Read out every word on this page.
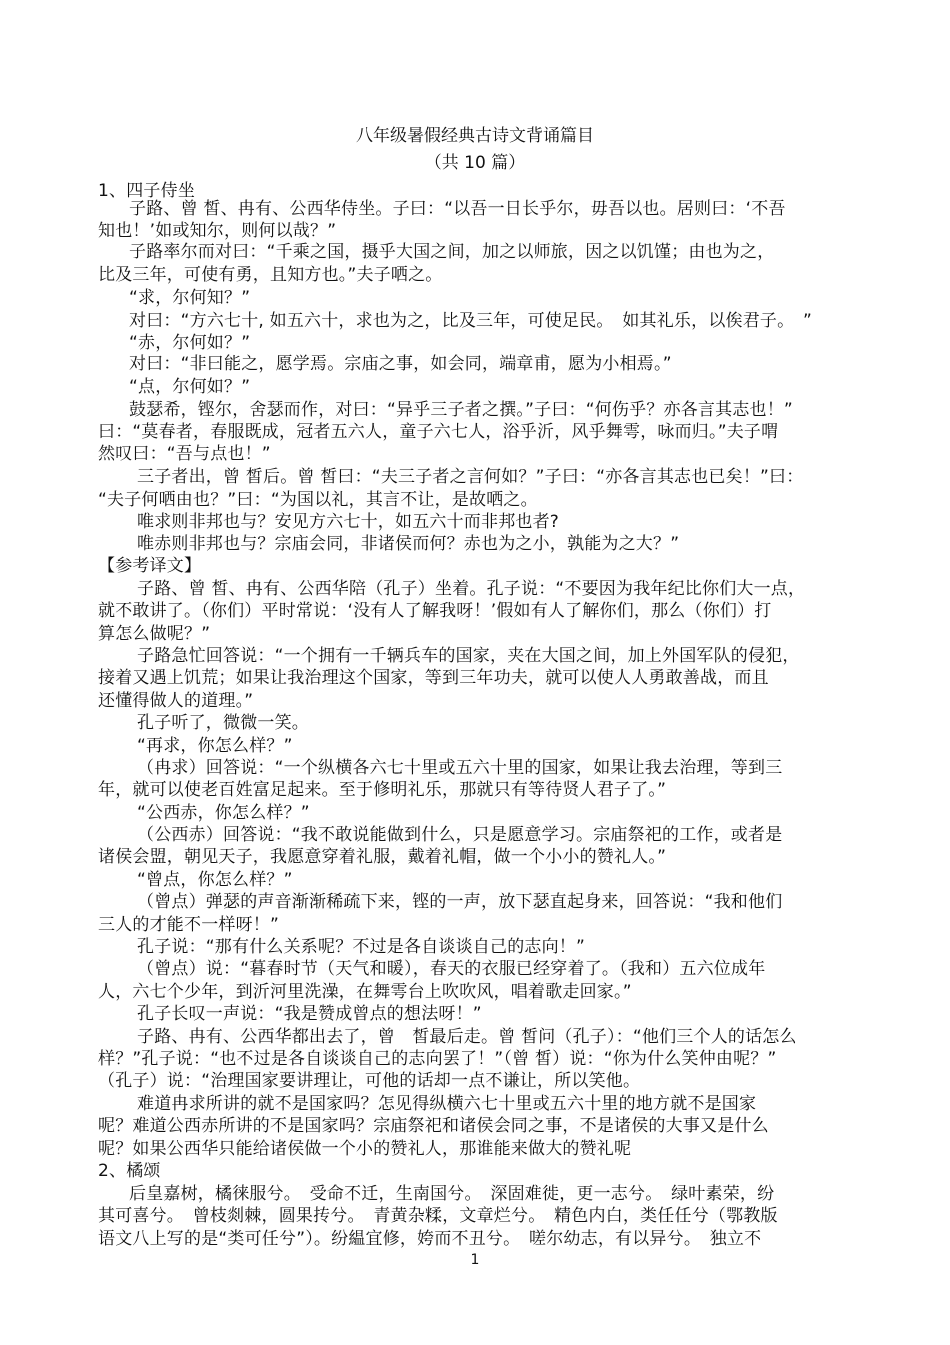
八年级暑假经典古诗文背诵篇目
（共 10 篇）
1、四子侍坐
子路、曾 皙、冉有、公西华侍坐。子曰：“以吾一日长乎尔，毋吾以也。居则曰：‘不吾
知也！’如或知尔，则何以哉？”
子路率尔而对曰：“千乘之国，摄乎大国之间，加之以师旅，因之以饥馑；由也为之，
比及三年，可使有勇，且知方也。”夫子哂之。
“求，尔何知？”
对曰：“方六七十, 如五六十，求也为之，比及三年，可使足民。　如其礼乐，以俟君子。　”
“赤，尔何如？”
对曰：“非曰能之，愿学焉。宗庙之事，如会同，端章甫，愿为小相焉。”
“点，尔何如？”
鼓瑟希，铿尔，舍瑟而作，对曰：“异乎三子者之撰。”子曰：“何伤乎？亦各言其志也！”
曰：“莫春者，春服既成，冠者五六人，童子六七人，浴乎沂，风乎舞雩，咏而归。”夫子喟
然叹曰：“吾与点也！”
三子者出，曾 皙后。曾 皙曰：“夫三子者之言何如？”子曰：“亦各言其志也已矣！”曰：
“夫子何哂由也？”曰：“为国以礼，其言不让，是故哂之。
唯求则非邦也与？安见方六七十，如五六十而非邦也者?
唯赤则非邦也与？宗庙会同，非诸侯而何？赤也为之小，孰能为之大？”
【参考译文】
子路、曾 皙、冉有、公西华陪（孔子）坐着。孔子说：“不要因为我年纪比你们大一点，
就不敢讲了。（你们）平时常说：‘没有人了解我呀！’假如有人了解你们，那么（你们）打
算怎么做呢？”
子路急忙回答说：“一个拥有一千辆兵车的国家，夹在大国之间，加上外国军队的侵犯，
接着又遇上饥荒；如果让我治理这个国家，等到三年功夫，就可以使人人勇敢善战，而且
还懂得做人的道理。”
孔子听了，微微一笑。
“再求，你怎么样？”
（冉求）回答说：“一个纵横各六七十里或五六十里的国家，如果让我去治理，等到三
年，就可以使老百姓富足起来。至于修明礼乐，那就只有等待贤人君子了。”
“公西赤，你怎么样？”
（公西赤）回答说：“我不敢说能做到什么，只是愿意学习。宗庙祭祀的工作，或者是
诸侯会盟，朝见天子，我愿意穿着礼服，戴着礼帽，做一个小小的赞礼人。”
“曾点，你怎么样？”
（曾点）弹瑟的声音渐渐稀疏下来，铿的一声，放下瑟直起身来，回答说：“我和他们
三人的才能不一样呀！”
孔子说：“那有什么关系呢？不过是各自谈谈自己的志向！”
（曾点）说：“暮春时节（天气和暖），春天的衣服已经穿着了。（我和）五六位成年
人，六七个少年，到沂河里洗澡，在舞雩台上吹吹风，唱着歌走回家。”
孔子长叹一声说：“我是赞成曾点的想法呀！”
子路、冉有、公西华都出去了，曾　皙最后走。曾 皙问（孔子）：“他们三个人的话怎么
样？”孔子说：“也不过是各自谈谈自己的志向罢了！”（曾 皙）说：“你为什么笑仲由呢？”
（孔子）说：“治理国家要讲理让，可他的话却一点不谦让，所以笑他。
难道冉求所讲的就不是国家吗？怎见得纵横六七十里或五六十里的地方就不是国家
呢？难道公西赤所讲的不是国家吗？宗庙祭祀和诸侯会同之事，不是诸侯的大事又是什么
呢？如果公西华只能给诸侯做一个小的赞礼人，那谁能来做大的赞礼呢
2、橘颂
后皇嘉树，橘徕服兮。　受命不迁，生南国兮。　深固难徙，更一志兮。　绿叶素荣，纷
其可喜兮。　曾枝剡棘，圆果抟兮。　青黄杂糅，文章烂兮。　精色内白，类任任兮（鄂教版
语文八上写的是“类可任兮”）。纷緼宜修，姱而不丑兮。　嗟尔幼志，有以异兮。　独立不
1
